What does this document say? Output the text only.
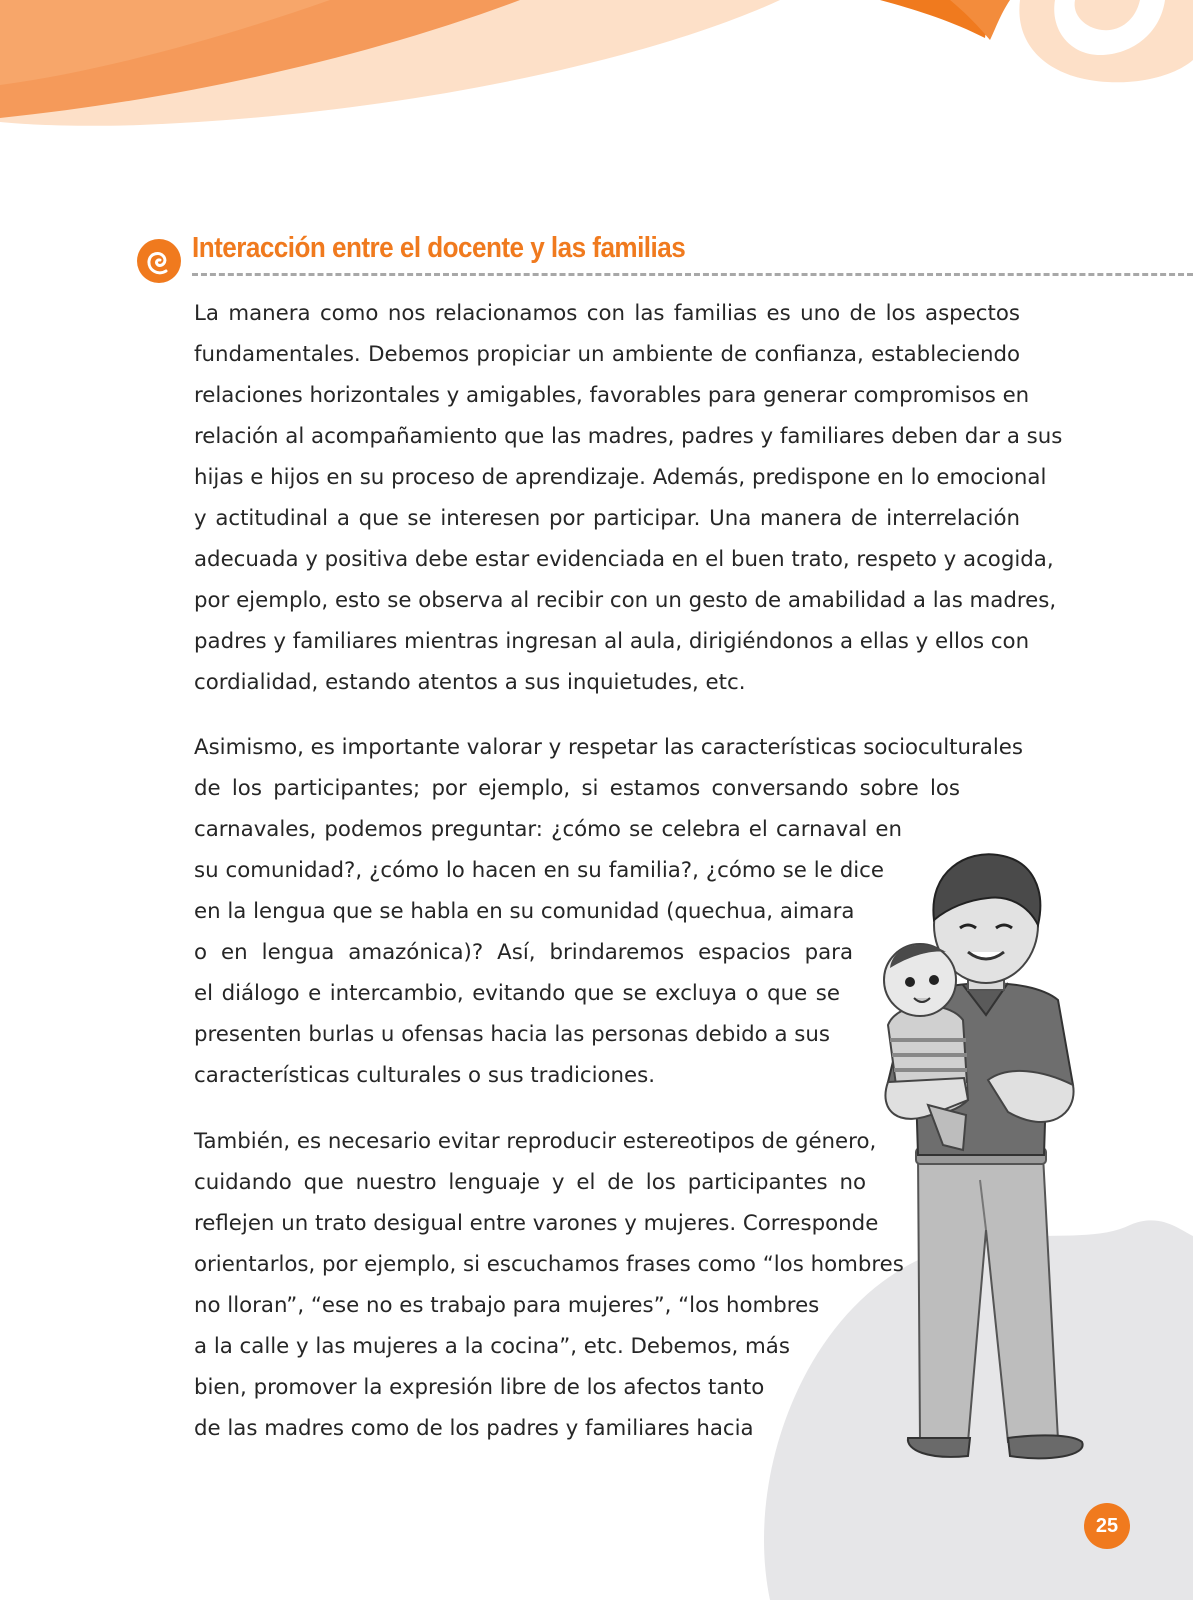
Interacción entre el docente y las familias

La manera como nos relacionamos con las familias es uno de los aspectos
fundamentales. Debemos propiciar un ambiente de confianza, estableciendo
relaciones horizontales y amigables, favorables para generar compromisos en
relación al acompañamiento que las madres, padres y familiares deben dar a sus
hijas e hijos en su proceso de aprendizaje. Además, predispone en lo emocional
y actitudinal a que se interesen por participar. Una manera de interrelación
adecuada y positiva debe estar evidenciada en el buen trato, respeto y acogida,
por ejemplo, esto se observa al recibir con un gesto de amabilidad a las madres,
padres y familiares mientras ingresan al aula, dirigiéndonos a ellas y ellos con
cordialidad, estando atentos a sus inquietudes, etc.

Asimismo, es importante valorar y respetar las características socioculturales
de los participantes; por ejemplo, si estamos conversando sobre los
carnavales, podemos preguntar: ¿cómo se celebra el carnaval en
su comunidad?, ¿cómo lo hacen en su familia?, ¿cómo se le dice
en la lengua que se habla en su comunidad (quechua, aimara
o en lengua amazónica)? Así, brindaremos espacios para
el diálogo e intercambio, evitando que se excluya o que se
presenten burlas u ofensas hacia las personas debido a sus
características culturales o sus tradiciones.

También, es necesario evitar reproducir estereotipos de género,
cuidando que nuestro lenguaje y el de los participantes no
reflejen un trato desigual entre varones y mujeres. Corresponde
orientarlos, por ejemplo, si escuchamos frases como “los hombres
no lloran”, “ese no es trabajo para mujeres”, “los hombres
a la calle y las mujeres a la cocina”, etc. Debemos, más
bien, promover la expresión libre de los afectos tanto
de las madres como de los padres y familiares hacia

25
